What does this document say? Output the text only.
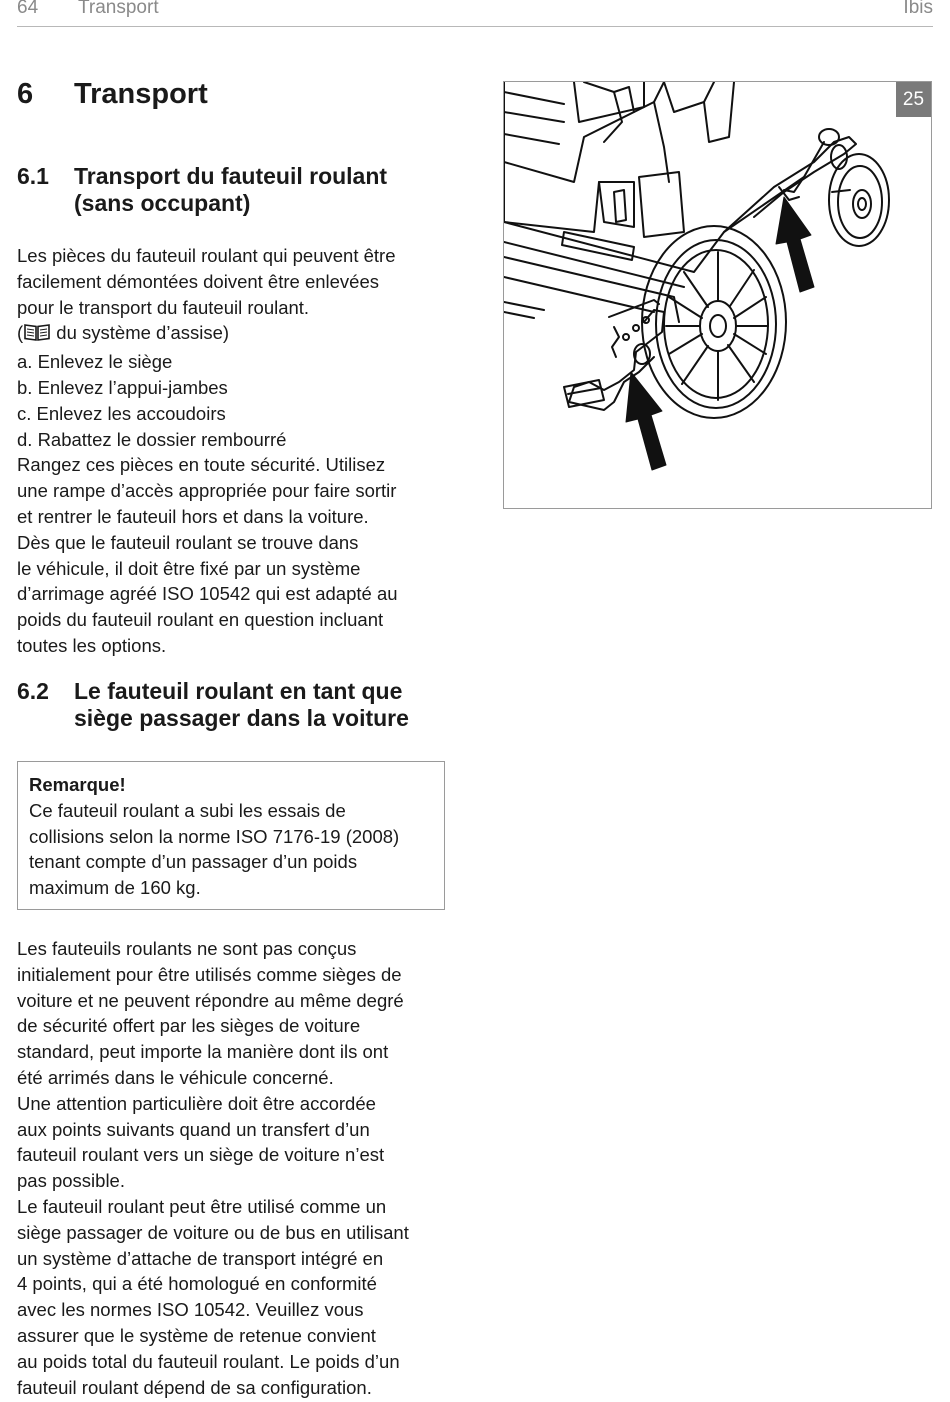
64 Transport	Ibis
6 Transport
6.1 Transport du fauteuil roulant
(sans occupant)
Les pièces du fauteuil roulant qui peuvent être
facilement démontées doivent être enlevées
pour le transport du fauteuil roulant.
( du système d’assise)
a. Enlevez le siège
b. Enlevez l’appui-jambes
c. Enlevez les accoudoirs
d. Rabattez le dossier rembourré
Rangez ces pièces en toute sécurité. Utilisez
une rampe d’accès appropriée pour faire sortir
et rentrer le fauteuil hors et dans la voiture.
Dès que le fauteuil roulant se trouve dans
le véhicule, il doit être fixé par un système
d’arrimage agréé ISO 10542 qui est adapté au
poids du fauteuil roulant en question incluant
toutes les options.
6.2 Le fauteuil roulant en tant que
siège passager dans la voiture
Remarque!
Ce fauteuil roulant a subi les essais de
collisions selon la norme ISO 7176-19 (2008)
tenant compte d’un passager d’un poids
maximum de 160 kg.
Les fauteuils roulants ne sont pas conçus
initialement pour être utilisés comme sièges de
voiture et ne peuvent répondre au même degré
de sécurité offert par les sièges de voiture
standard, peut importe la manière dont ils ont
été arrimés dans le véhicule concerné.
Une attention particulière doit être accordée
aux points suivants quand un transfert d’un
fauteuil roulant vers un siège de voiture n’est
pas possible.
Le fauteuil roulant peut être utilisé comme un
siège passager de voiture ou de bus en utilisant
un système d’attache de transport intégré en
4 points, qui a été homologué en conformité
avec les normes ISO 10542. Veuillez vous
assurer que le système de retenue convient
au poids total du fauteuil roulant. Le poids d’un
fauteuil roulant dépend de sa configuration.
25
